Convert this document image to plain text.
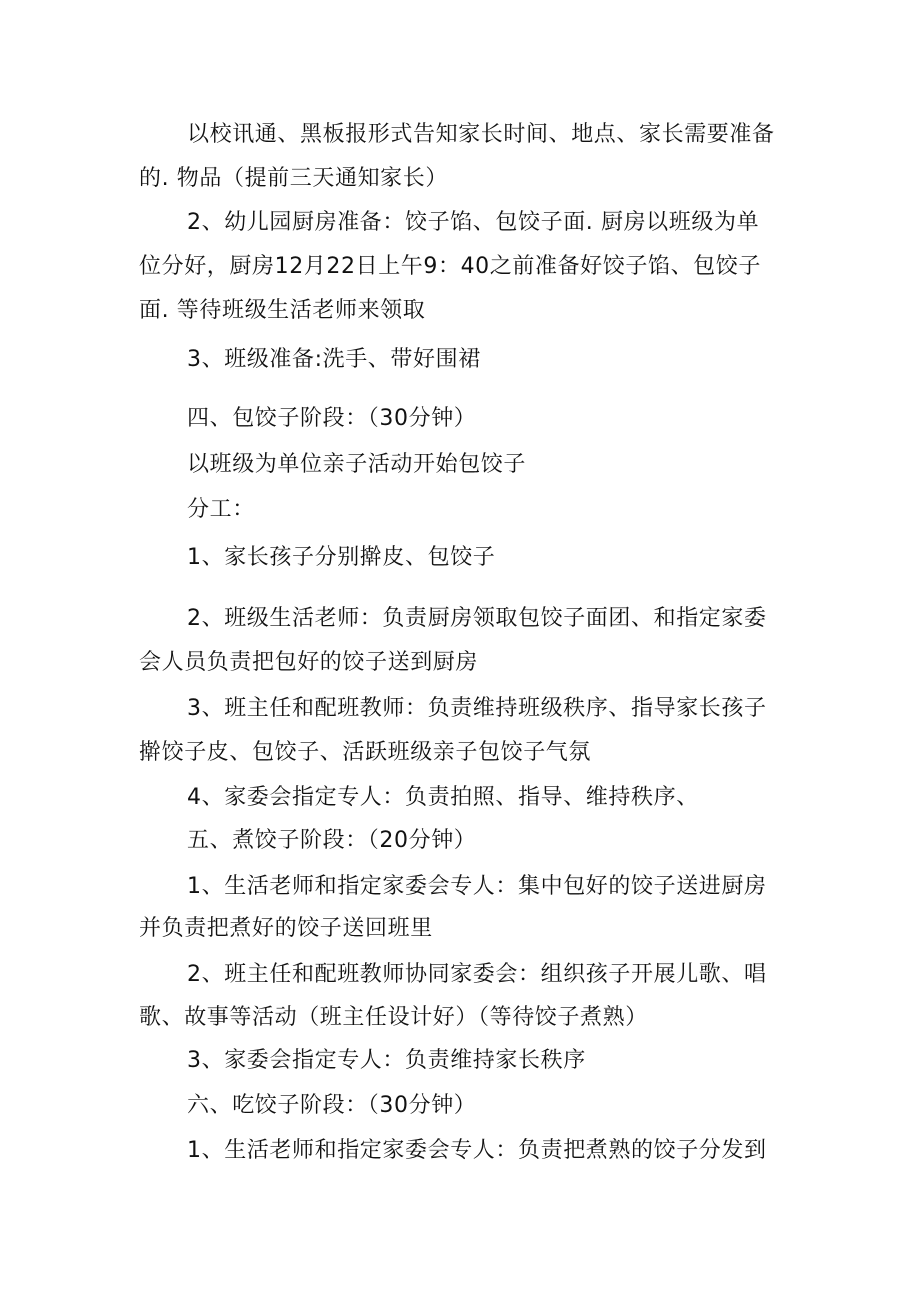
以校讯通、黑板报形式告知家长时间、地点、家长需要准备
的. 物品（提前三天通知家长）
2、幼儿园厨房准备：饺子馅、包饺子面. 厨房以班级为单
位分好，厨房12月22日上午9：40之前准备好饺子馅、包饺子
面. 等待班级生活老师来领取
3、班级准备:洗手、带好围裙
四、包饺子阶段：（30分钟）
以班级为单位亲子活动开始包饺子
分工：
1、家长孩子分别擀皮、包饺子
2、班级生活老师：负责厨房领取包饺子面团、和指定家委
会人员负责把包好的饺子送到厨房
3、班主任和配班教师：负责维持班级秩序、指导家长孩子
擀饺子皮、包饺子、活跃班级亲子包饺子气氛
4、家委会指定专人：负责拍照、指导、维持秩序、
五、煮饺子阶段：（20分钟）
1、生活老师和指定家委会专人：集中包好的饺子送进厨房
并负责把煮好的饺子送回班里
2、班主任和配班教师协同家委会：组织孩子开展儿歌、唱
歌、故事等活动（班主任设计好）（等待饺子煮熟）
3、家委会指定专人：负责维持家长秩序
六、吃饺子阶段：（30分钟）
1、生活老师和指定家委会专人：负责把煮熟的饺子分发到
